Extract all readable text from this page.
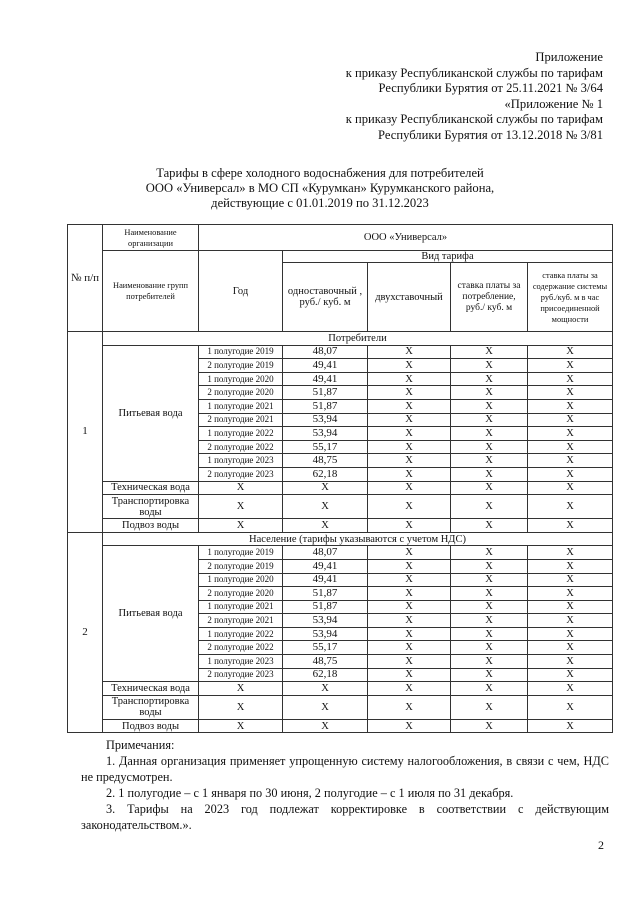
Приложение
к приказу Республиканской службы по тарифам
Республики Бурятия от 25.11.2021 № 3/64
«Приложение № 1
к приказу Республиканской службы по тарифам
Республики Бурятия от 13.12.2018 № 3/81
Тарифы в сфере холодного водоснабжения для потребителей
ООО «Универсал» в МО СП «Курумкан» Курумканского района,
действующие с 01.01.2019 по 31.12.2023
№ п/п	Наименование организации	ООО «Универсал»				
	Наименование групп потребителей	Год	Вид тарифа			
			одноставочный , руб./ куб. м	двухставочный	ставка платы за потребление, руб./ куб. м	ставка платы за содержание системы руб./куб. м в час присоединенной мощности
1	Потребители					
	Питьевая вода	1 полугодие 2019	48,07	X	X	X
		2 полугодие 2019	49,41	X	X	X
		1 полугодие 2020	49,41	X	X	X
		2 полугодие 2020	51,87	X	X	X
		1 полугодие 2021	51,87	X	X	X
		2 полугодие 2021	53,94	X	X	X
		1 полугодие 2022	53,94	X	X	X
		2 полугодие 2022	55,17	X	X	X
		1 полугодие 2023	48,75	X	X	X
		2 полугодие 2023	62,18	X	X	X
	Техническая вода	X	X	X	X	X
	Транспортировка воды	X	X	X	X	X
	Подвоз воды	X	X	X	X	X
2	Население (тарифы указываются с учетом НДС)					
	Питьевая вода	1 полугодие 2019	48,07	X	X	X
		2 полугодие 2019	49,41	X	X	X
		1 полугодие 2020	49,41	X	X	X
		2 полугодие 2020	51,87	X	X	X
		1 полугодие 2021	51,87	X	X	X
		2 полугодие 2021	53,94	X	X	X
		1 полугодие 2022	53,94	X	X	X
		2 полугодие 2022	55,17	X	X	X
		1 полугодие 2023	48,75	X	X	X
		2 полугодие 2023	62,18	X	X	X
	Техническая вода	X	X	X	X	X
	Транспортировка воды	X	X	X	X	X
	Подвоз воды	X	X	X	X	X

Примечания:

1. Данная организация применяет упрощенную систему налогообложения, в связи с чем, НДС не предусмотрен.

2. 1 полугодие – с 1 января по 30 июня, 2 полугодие – с 1 июля по 31 декабря.

3. Тарифы на 2023 год подлежат корректировке в соответствии с действующим законодательством.».

2
